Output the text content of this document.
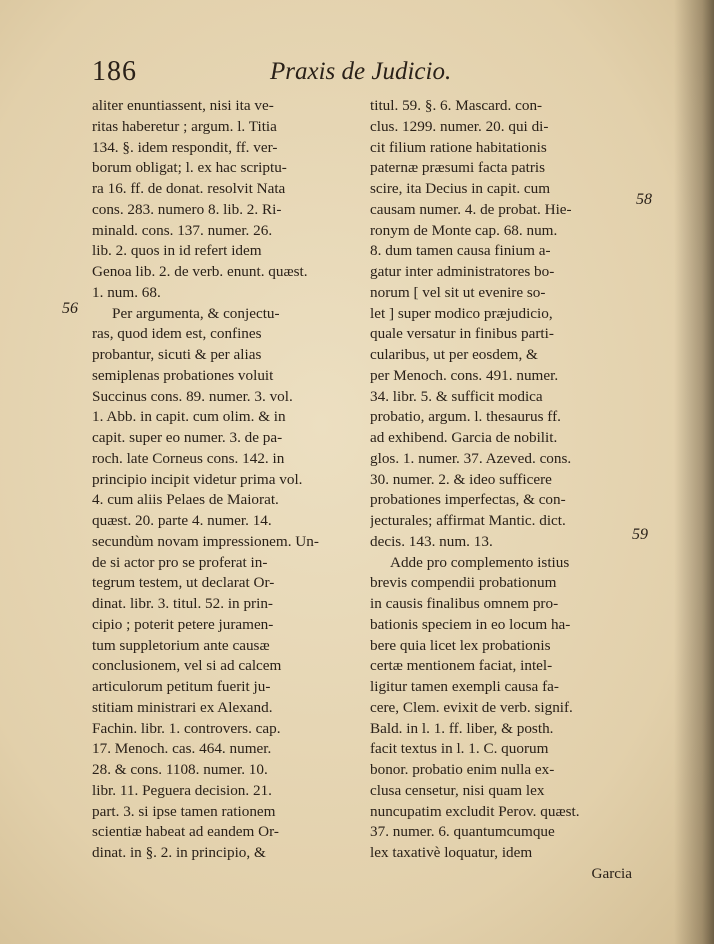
186	Praxis de Judicio.
56
58
59
aliter enuntiassent, nisi ita ve-
ritas haberetur ; argum. l. Titia
134. §. idem respondit, ff. ver-
borum obligat; l. ex hac scriptu-
ra 16. ff. de donat. resolvit Nata
cons. 283. numero 8. lib. 2. Ri-
minald. cons. 137. numer. 26.
lib. 2. quos in id refert idem
Genoa lib. 2. de verb. enunt. quæst.
1. num. 68.
Per argumenta, & conjectu-
ras, quod idem est, confines
probantur, sicuti & per alias
semiplenas probationes voluit
Succinus cons. 89. numer. 3. vol.
1. Abb. in capit. cum olim. & in
capit. super eo numer. 3. de pa-
roch. late Corneus cons. 142. in
principio incipit videtur prima vol.
4. cum aliis Pelaes de Maiorat.
quæst. 20. parte 4. numer. 14.
secundùm novam impressionem. Un-
de si actor pro se proferat in-
tegrum testem, ut declarat Or-
dinat. libr. 3. titul. 52. in prin-
cipio ; poterit petere juramen-
tum suppletorium ante causæ
conclusionem, vel si ad calcem
articulorum petitum fuerit ju-
stitiam ministrari ex Alexand.
Fachin. libr. 1. controvers. cap.
17. Menoch. cas. 464. numer.
28. & cons. 1108. numer. 10.
libr. 11. Peguera decision. 21.
part. 3. si ipse tamen rationem
scientiæ habeat ad eandem Or-
dinat. in §. 2. in principio, &
titul. 59. §. 6. Mascard. con-
clus. 1299. numer. 20. qui di-
cit filium ratione habitationis
paternæ præsumi facta patris
scire, ita Decius in capit. cum
causam numer. 4. de probat. Hie-
ronym de Monte cap. 68. num.
8. dum tamen causa finium a-
gatur inter administratores bo-
norum [ vel sit ut evenire so-
let ] super modico præjudicio,
quale versatur in finibus parti-
cularibus, ut per eosdem, &
per Menoch. cons. 491. numer.
34. libr. 5. & sufficit modica
probatio, argum. l. thesaurus ff.
ad exhibend. Garcia de nobilit.
glos. 1. numer. 37. Azeved. cons.
30. numer. 2. & ideo sufficere
probationes imperfectas, & con-
jecturales; affirmat Mantic. dict.
decis. 143. num. 13.
Adde pro complemento istius
brevis compendii probationum
in causis finalibus omnem pro-
bationis speciem in eo locum ha-
bere quia licet lex probationis
certæ mentionem faciat, intel-
ligitur tamen exempli causa fa-
cere, Clem. evixit de verb. signif.
Bald. in l. 1. ff. liber, & posth.
facit textus in l. 1. C. quorum
bonor. probatio enim nulla ex-
clusa censetur, nisi quam lex
nuncupatim excludit Perov. quæst.
37. numer. 6. quantumcumque
lex taxativè loquatur, idem
Garcia
